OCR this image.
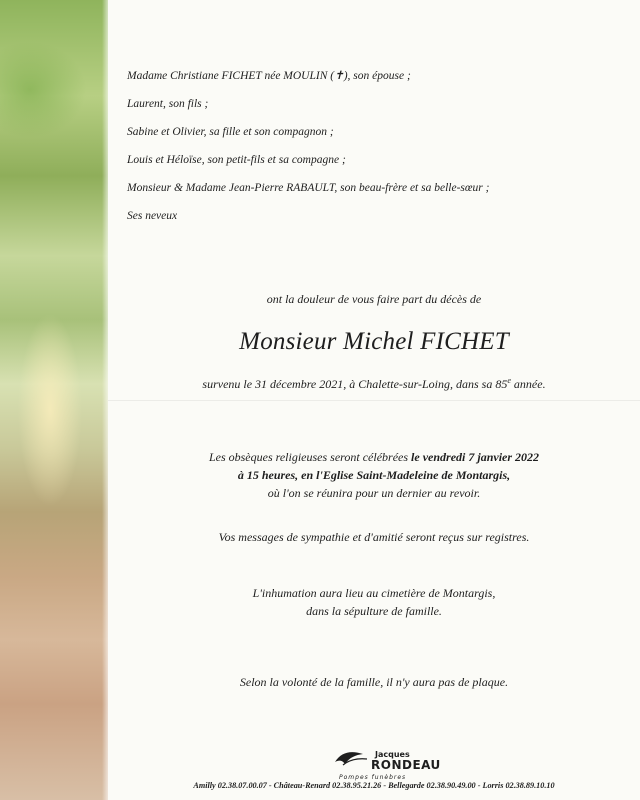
Madame Christiane FICHET née MOULIN (✝), son épouse ;
Laurent, son fils ;
Sabine et Olivier, sa fille et son compagnon ;
Louis et Héloïse, son petit-fils et sa compagne ;
Monsieur & Madame Jean-Pierre RABAULT, son beau-frère et sa belle-sœur ;
Ses neveux
ont la douleur de vous faire part du décès de
Monsieur Michel FICHET
survenu le 31 décembre 2021, à Chalette-sur-Loing, dans sa 85e année.

Les obsèques religieuses seront célébrées le vendredi 7 janvier 2022

à 15 heures, en l'Eglise Saint-Madeleine de Montargis,

où l'on se réunira pour un dernier au revoir.

Vos messages de sympathie et d'amitié seront reçus sur registres.

L'inhumation aura lieu au cimetière de Montargis,

dans la sépulture de famille.

Selon la volonté de la famille, il n'y aura pas de plaque.
Jacques
RONDEAU
Pompes funèbres
Amilly 02.38.07.00.07 - Château-Renard 02.38.95.21.26 - Bellegarde 02.38.90.49.00 - Lorris 02.38.89.10.10
